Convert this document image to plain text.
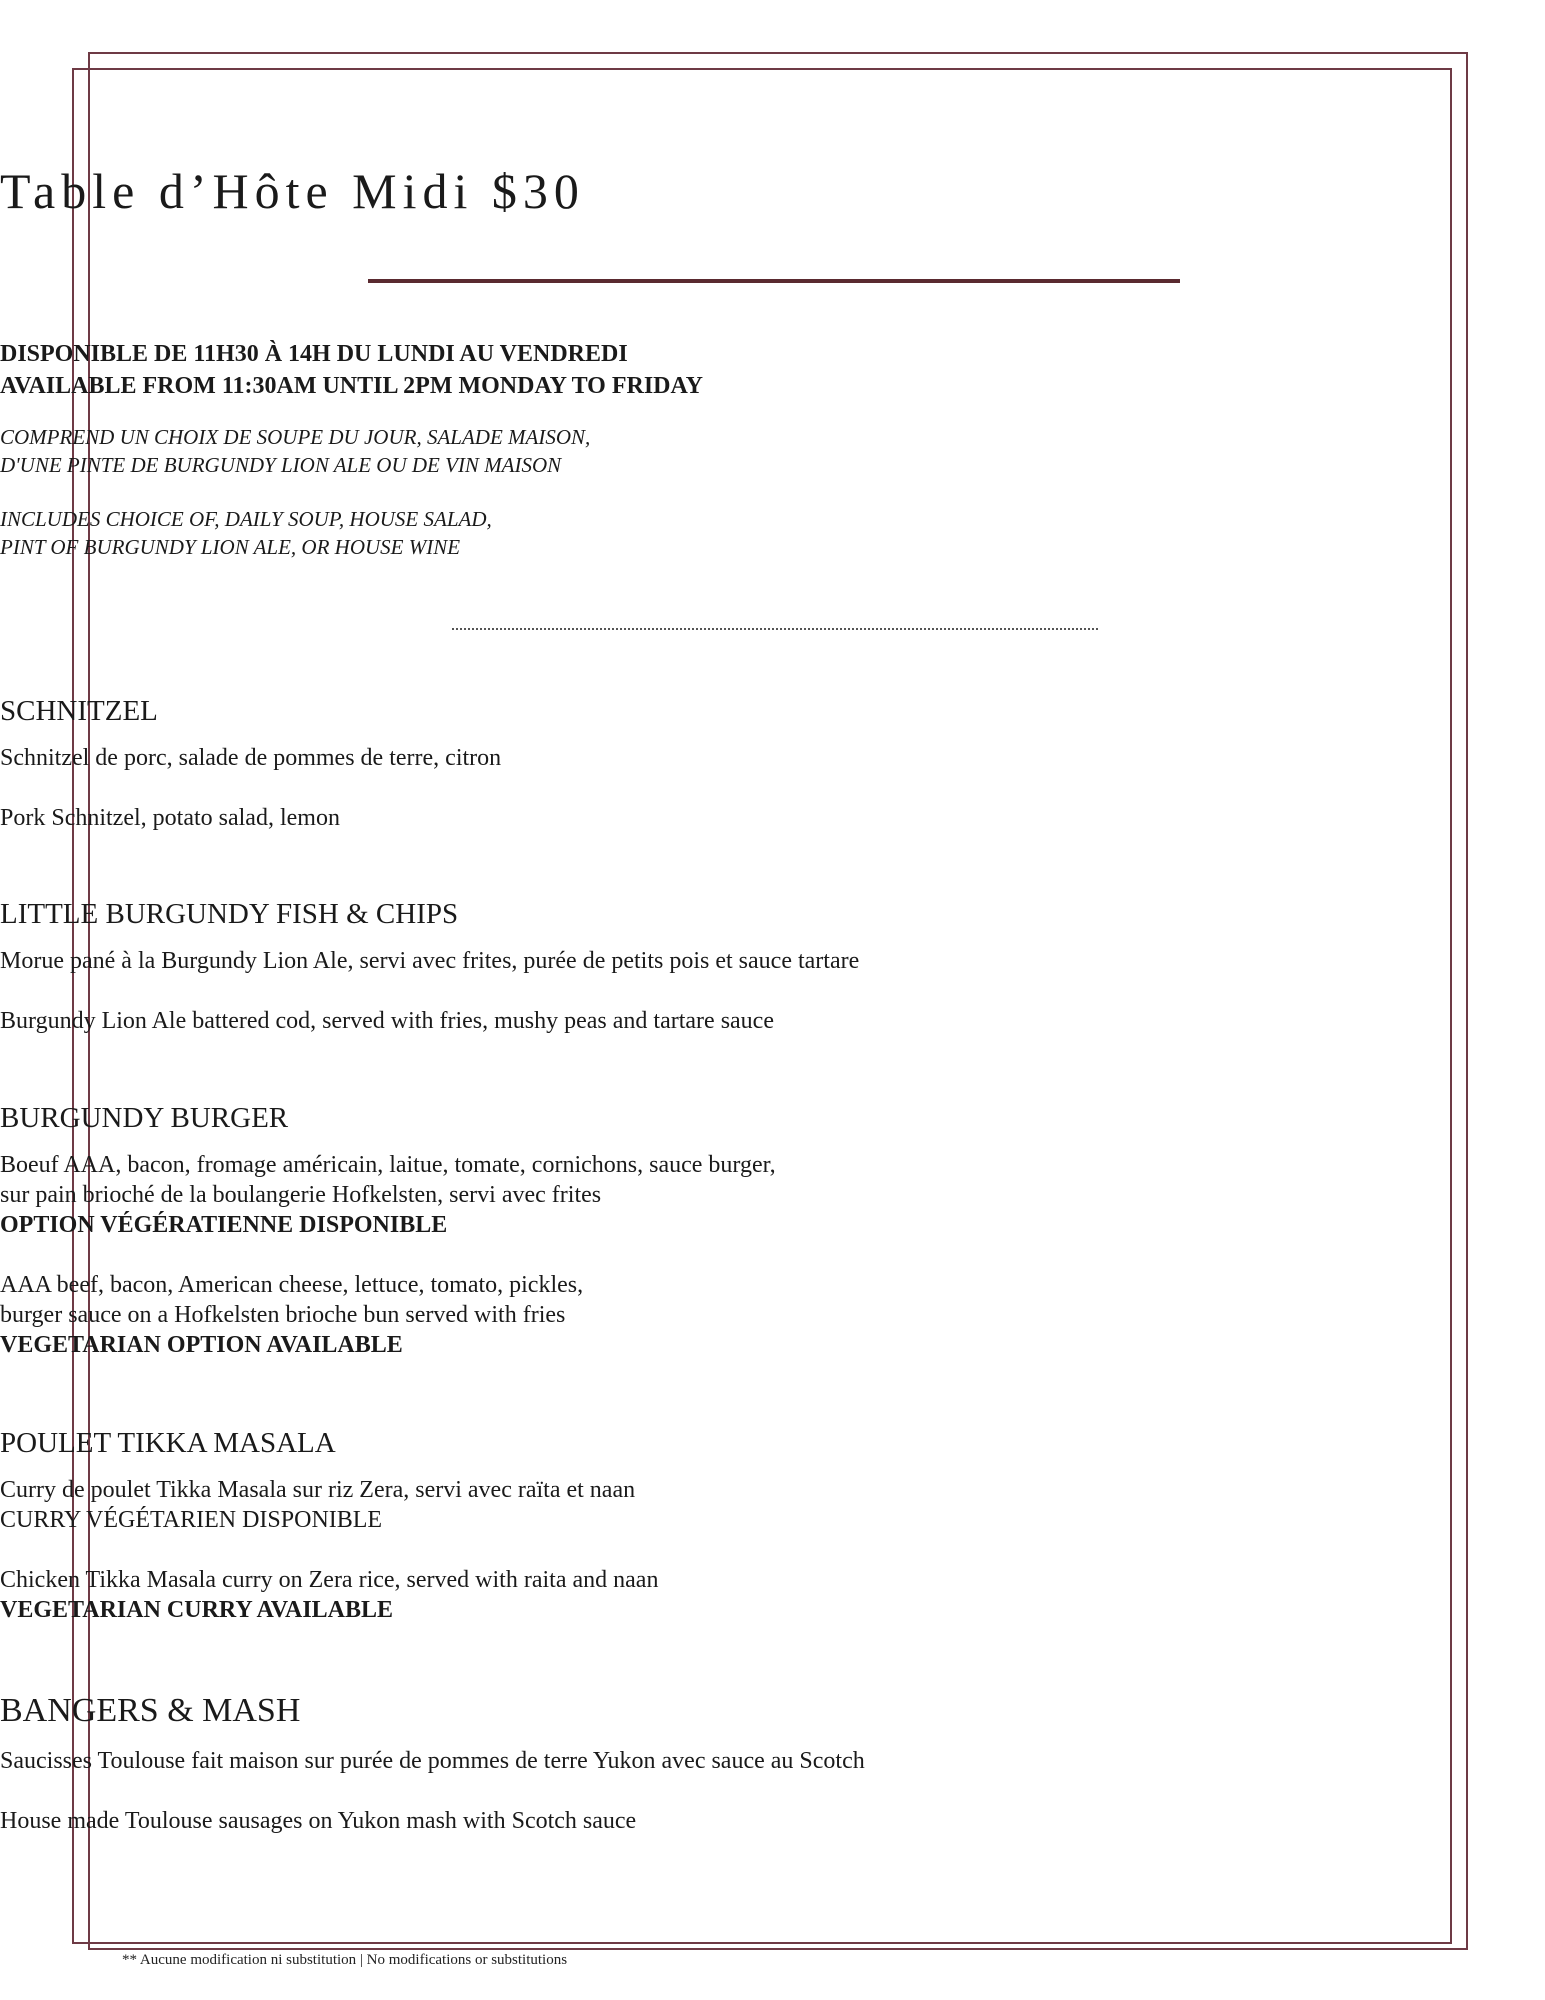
Table d’Hôte Midi $30
DISPONIBLE DE 11H30 À 14H DU LUNDI AU VENDREDI
AVAILABLE FROM 11:30AM UNTIL 2PM MONDAY TO FRIDAY
COMPREND UN CHOIX DE SOUPE DU JOUR, SALADE MAISON,
D'UNE PINTE DE BURGUNDY LION ALE OU DE VIN MAISON
INCLUDES CHOICE OF, DAILY SOUP, HOUSE SALAD,
PINT OF BURGUNDY LION ALE, OR HOUSE WINE

SCHNITZEL

Schnitzel de porc, salade de pommes de terre, citron

Pork Schnitzel, potato salad, lemon

LITTLE BURGUNDY FISH & CHIPS

Morue pané à la Burgundy Lion Ale, servi avec frites, purée de petits pois et sauce tartare

Burgundy Lion Ale battered cod, served with fries, mushy peas and tartare sauce

BURGUNDY BURGER

Boeuf AAA, bacon, fromage américain, laitue, tomate, cornichons, sauce burger,

sur pain brioché de la boulangerie Hofkelsten, servi avec frites

OPTION VÉGÉRATIENNE DISPONIBLE

AAA beef, bacon, American cheese, lettuce, tomato, pickles,

burger sauce on a Hofkelsten brioche bun served with fries

VEGETARIAN OPTION AVAILABLE

POULET TIKKA MASALA

Curry de poulet Tikka Masala sur riz Zera, servi avec raïta et naan

CURRY VÉGÉTARIEN DISPONIBLE

Chicken Tikka Masala curry on Zera rice, served with raita and naan

VEGETARIAN CURRY AVAILABLE

BANGERS & MASH

Saucisses Toulouse fait maison sur purée de pommes de terre Yukon avec sauce au Scotch

House made Toulouse sausages on Yukon mash with Scotch sauce

** Aucune modification ni substitution | No modifications or substitutions
